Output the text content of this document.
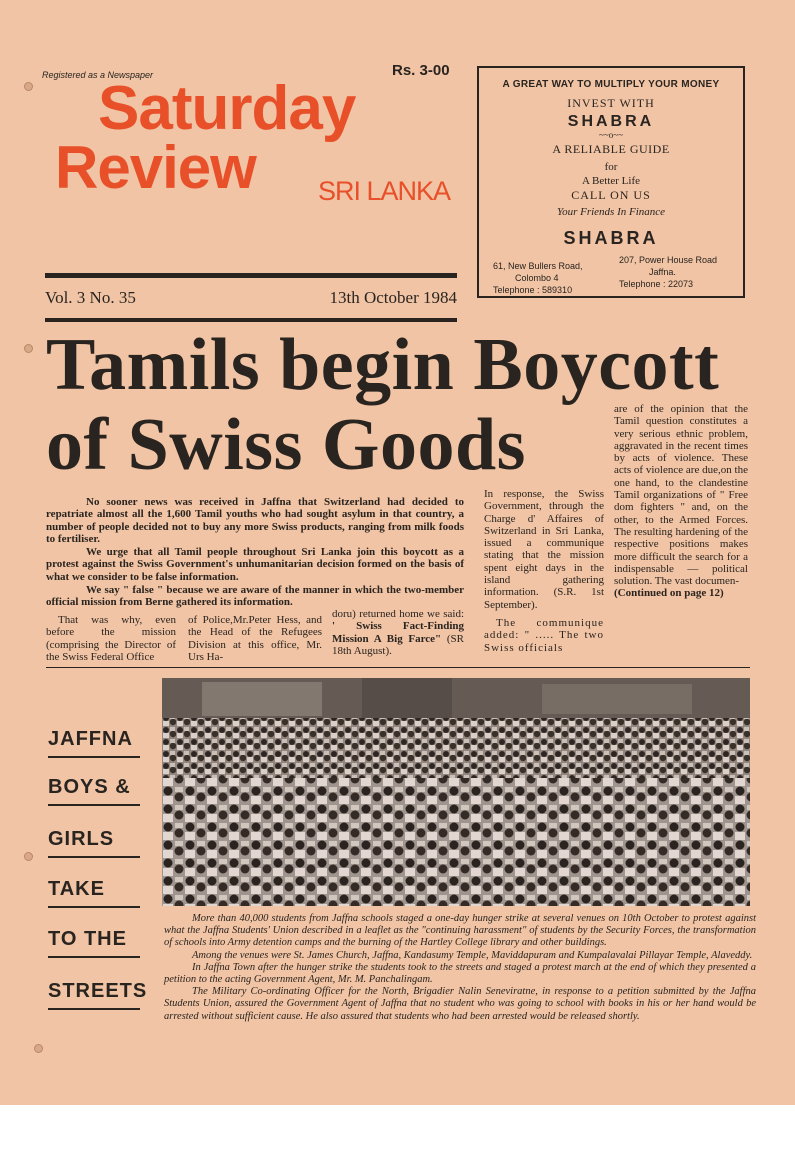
Registered as a Newspaper	Rs. 3-00
Saturday
Review SRI LANKA
Vol. 3 No. 35	13th October 1984
A GREAT WAY TO MULTIPLY YOUR MONEY
INVEST WITH
SHABRA
~~o~~
A RELIABLE GUIDE
for
A Better Life
CALL ON US
Your Friends In Finance
SHABRA
61, New Bullers Road,
Colombo 4
Telephone : 589310
207, Power House Road
Jaffna.
Telephone : 22073
Tamils begin Boycott
of Swiss Goods

No sooner news was received in Jaffna that Switzerland had decided to repatriate almost all the 1,600 Tamil youths who had sought asylum in that country, a number of people decided not to buy any more Swiss products, ranging from milk foods to fertiliser.

We urge that all Tamil people throughout Sri Lanka join this boycott as a protest against the Swiss Government's unhumanitarian decision formed on the basis of what we consider to be false information.

We say " false " because we are aware of the manner in which the two-member official mission from Berne gathered its information.

That was why, even before the mission (comprising the Director of the Swiss Federal Office
of Police,Mr.Peter Hess, and the Head of the Refugees Division at this office, Mr. Urs Ha-
doru) returned home we said: ' Swiss Fact-Finding Mission A Big Farce" (SR 18th August).
In response, the Swiss Government, through the Charge d' Affaires of Switzerland in Sri Lanka, issued a communique stating that the mission spent eight days in the island gathering information. (S.R. 1st September).
The communique added: " ..... The two Swiss officials
are of the opinion that the Tamil question constitutes a very serious ethnic problem, aggravated in the recent times by acts of violence. These acts of violence are due,on the one hand, to the clandestine Tamil organizations of " Free dom fighters " and, on the other, to the Armed Forces. The resulting hardening of the respective positions makes more difficult the search for a indispensable — political solution. The vast documen-
(Continued on page 12)
JAFFNA
BOYS &
GIRLS
TAKE
TO THE
STREETS

More than 40,000 students from Jaffna schools staged a one-day hunger strike at several venues on 10th October to protest against what the Jaffna Students' Union described in a leaflet as the "continuing harassment" of students by the Security Forces, the transformation of schools into Army detention camps and the burning of the Hartley College library and other buildings.

Among the venues were St. James Church, Jaffna, Kandasumy Temple, Maviddapuram and Kumpalavalai Pillayar Temple, Alaveddy.

In Jaffna Town after the hunger strike the students took to the streets and staged a protest march at the end of which they presented a petition to the acting Government Agent, Mr. M. Panchalingam.

The Military Co-ordinating Officer for the North, Brigadier Nalin Seneviratne, in response to a petition submitted by the Jaffna Students Union, assured the Government Agent of Jaffna that no student who was going to school with books in his or her hand would be arrested without sufficient cause. He also assured that students who had been arrested would be released shortly.
